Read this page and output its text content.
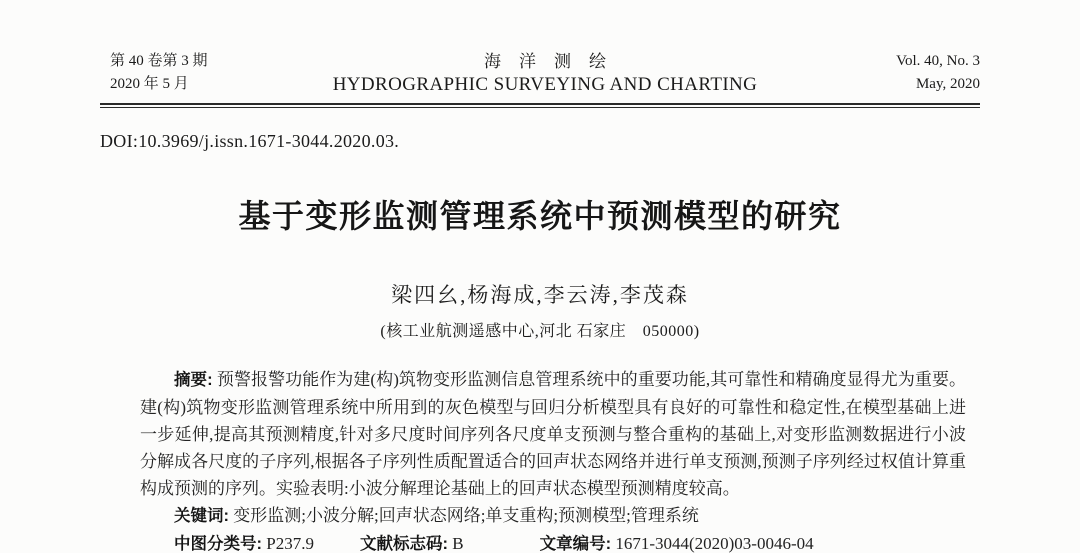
第 40 卷第 3 期
2020 年 5 月
海洋测绘
HYDROGRAPHIC SURVEYING AND CHARTING
Vol. 40, No. 3
May, 2020
DOI:10.3969/j.issn.1671-3044.2020.03.
基于变形监测管理系统中预测模型的研究
梁四幺,杨海成,李云涛,李茂森
(核工业航测遥感中心,河北 石家庄　050000)

摘要: 预警报警功能作为建(构)筑物变形监测信息管理系统中的重要功能,其可靠性和精确度显得尤为重要。建(构)筑物变形监测管理系统中所用到的灰色模型与回归分析模型具有良好的可靠性和稳定性,在模型基础上进一步延伸,提高其预测精度,针对多尺度时间序列各尺度单支预测与整合重构的基础上,对变形监测数据进行小波分解成各尺度的子序列,根据各子序列性质配置适合的回声状态网络并进行单支预测,预测子序列经过权值计算重构成预测的序列。实验表明:小波分解理论基础上的回声状态模型预测精度较高。

关键词: 变形监测;小波分解;回声状态网络;单支重构;预测模型;管理系统

中图分类号: P237.9	文献标志码: B	文章编号: 1671-3044(2020)03-0046-04
